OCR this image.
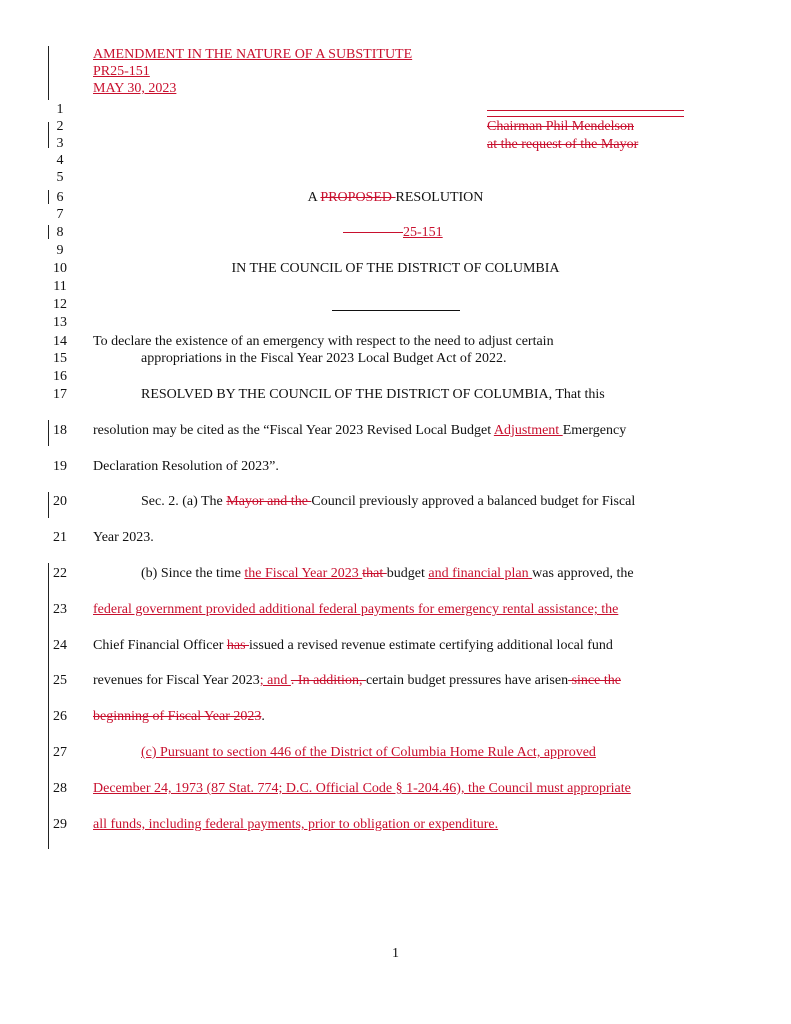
AMENDMENT IN THE NATURE OF A SUBSTITUTE
PR25-151
MAY 30, 2023
1
2
3
4
5
6
7
8
9
10
11
12
13
14
15
16
17
18
19
20
21
22
23
24
25
26
27
28
29
Chairman Phil Mendelson
at the request of the Mayor
A PROPOSED RESOLUTION
25-151
IN THE COUNCIL OF THE DISTRICT OF COLUMBIA
To declare the existence of an emergency with respect to the need to adjust certain
appropriations in the Fiscal Year 2023 Local Budget Act of 2022.
RESOLVED BY THE COUNCIL OF THE DISTRICT OF COLUMBIA, That this
resolution may be cited as the “Fiscal Year 2023 Revised Local Budget Adjustment Emergency
Declaration Resolution of 2023”.
Sec. 2. (a) The Mayor and the Council previously approved a balanced budget for Fiscal
Year 2023.
(b) Since the time the Fiscal Year 2023 that budget and financial plan was approved, the
federal government provided additional federal payments for emergency rental assistance; the
Chief Financial Officer has issued a revised revenue estimate certifying additional local fund
revenues for Fiscal Year 2023; and . In addition, certain budget pressures have arisen since the
beginning of Fiscal Year 2023.
(c) Pursuant to section 446 of the District of Columbia Home Rule Act, approved
December 24, 1973 (87 Stat. 774; D.C. Official Code § 1-204.46), the Council must appropriate
all funds, including federal payments, prior to obligation or expenditure.
1
